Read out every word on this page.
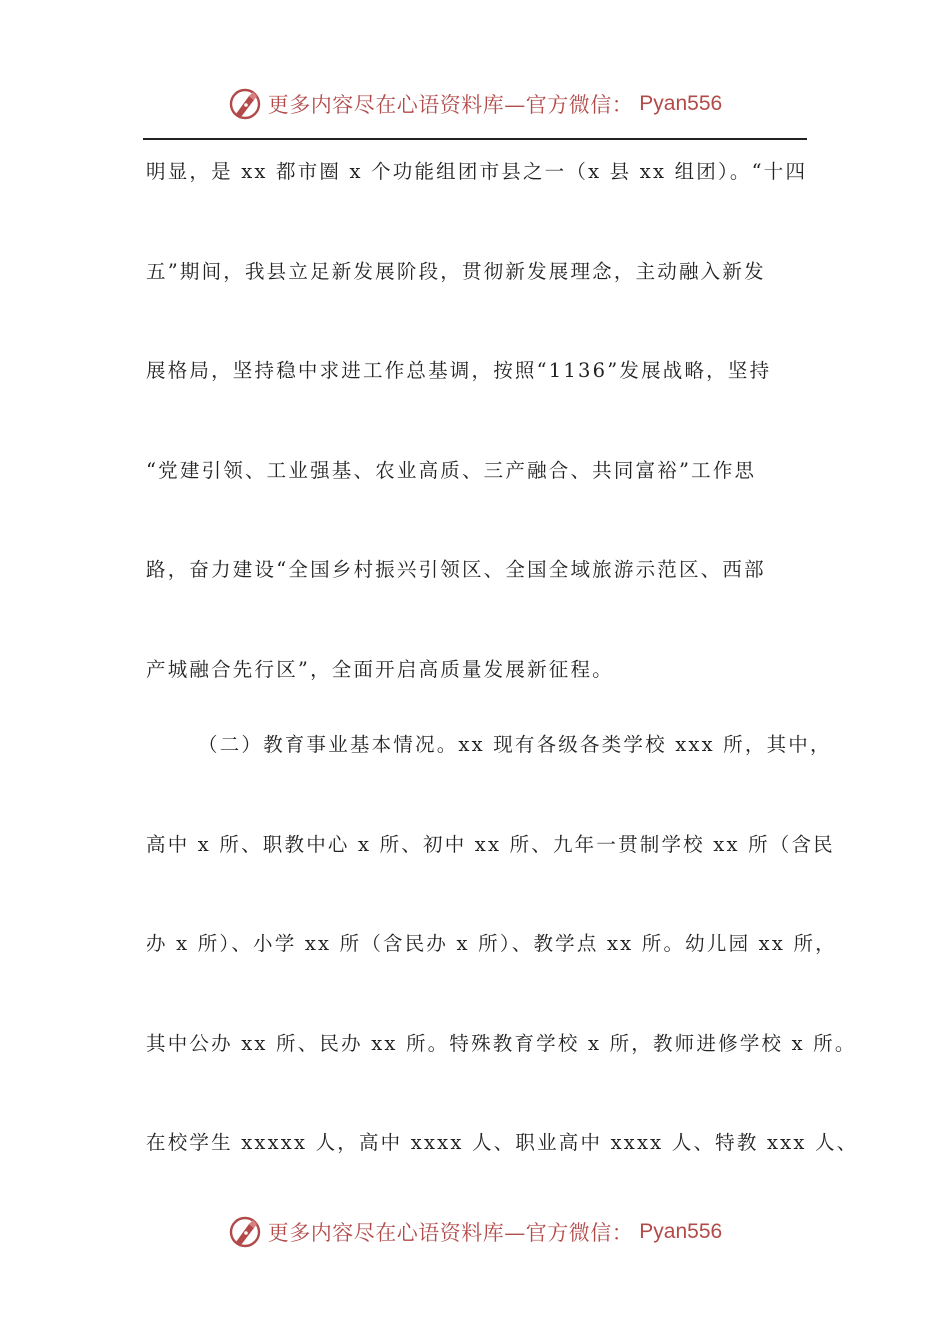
更多内容尽在心语资料库—官方微信： Pyan556
明显，是 xx 都市圈 x 个功能组团市县之一（x 县 xx 组团）。“十四
五”期间，我县立足新发展阶段，贯彻新发展理念，主动融入新发
展格局，坚持稳中求进工作总基调，按照“1136”发展战略，坚持
“党建引领、工业强基、农业高质、三产融合、共同富裕”工作思
路，奋力建设“全国乡村振兴引领区、全国全域旅游示范区、西部
产城融合先行区”，全面开启高质量发展新征程。
（二）教育事业基本情况。xx 现有各级各类学校 xxx 所，其中，
高中 x 所、职教中心 x 所、初中 xx 所、九年一贯制学校 xx 所（含民
办 x 所）、小学 xx 所（含民办 x 所）、教学点 xx 所。幼儿园 xx 所，
其中公办 xx 所、民办 xx 所。特殊教育学校 x 所，教师进修学校 x 所。
在校学生 xxxxx 人，高中 xxxx 人、职业高中 xxxx 人、特教 xxx 人、
更多内容尽在心语资料库—官方微信： Pyan556
